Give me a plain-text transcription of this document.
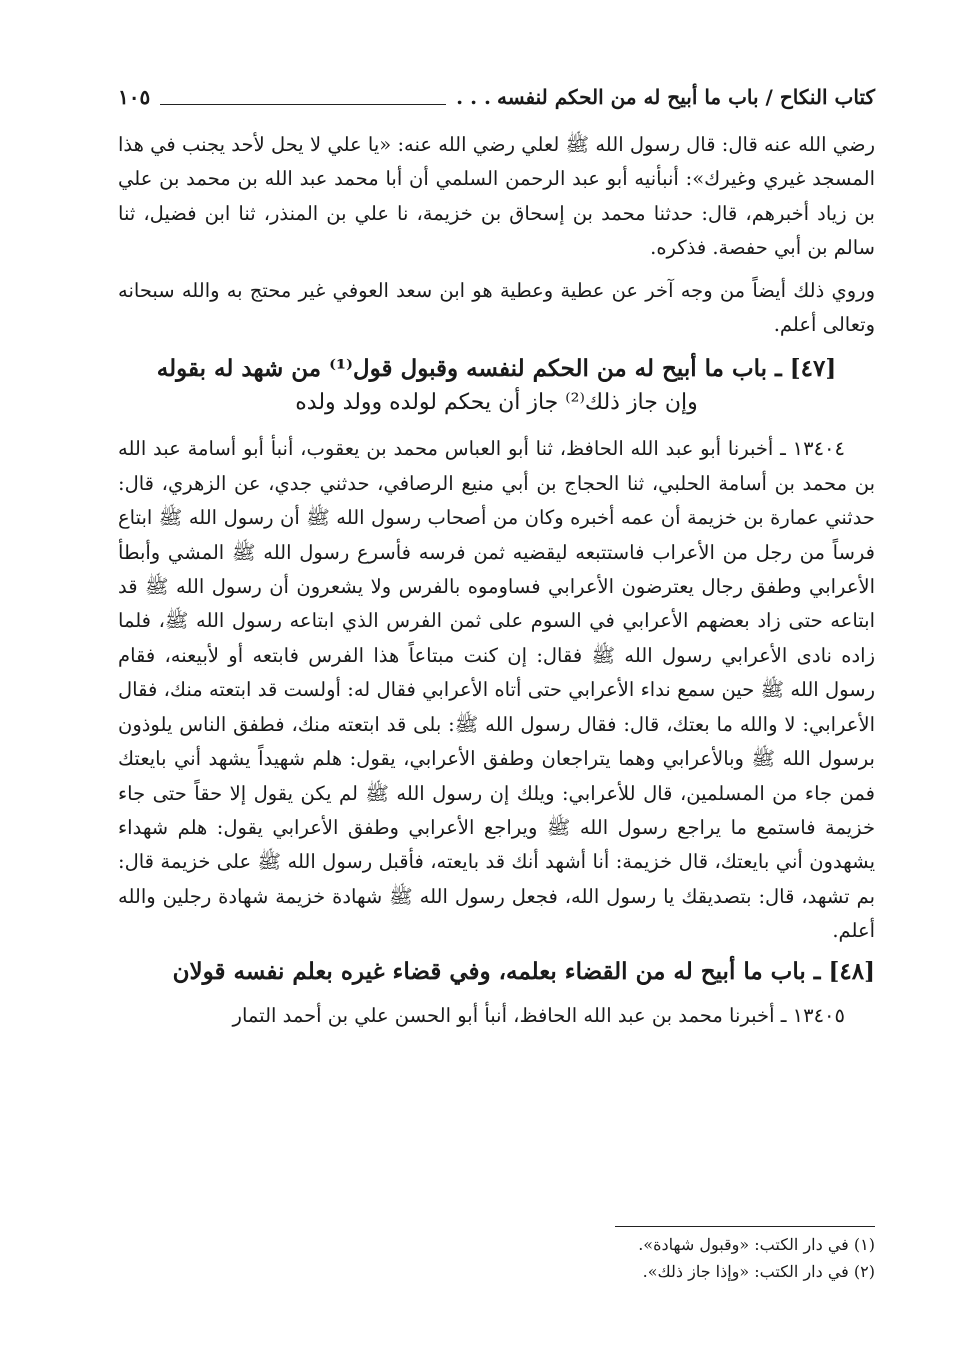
كتاب النكاح / باب ما أبيح له من الحكم لنفسه
. . .
١٠٥

رضي الله عنه قال: قال رسول الله ﷺ لعلي رضي الله عنه: «يا علي لا يحل لأحد يجنب في هذا المسجد غيري وغيرك»: أنبأنيه أبو عبد الرحمن السلمي أن أبا محمد عبد الله بن محمد بن علي بن زياد أخبرهم، قال: حدثنا محمد بن إسحاق بن خزيمة، نا علي بن المنذر، ثنا ابن فضيل، ثنا سالم بن أبي حفصة. فذكره.

وروي ذلك أيضاً من وجه آخر عن عطية وعطية هو ابن سعد العوفي غير محتج به والله سبحانه وتعالى أعلم.

[٤٧] ـ باب ما أبيح له من الحكم لنفسه وقبول قول⁽¹⁾ من شهد له بقوله
وإن جاز ذلك⁽²⁾ جاز أن يحكم لولده وولد ولده

١٣٤٠٤ ـ أخبرنا أبو عبد الله الحافظ، ثنا أبو العباس محمد بن يعقوب، أنبأ أبو أسامة عبد الله بن محمد بن أسامة الحلبي، ثنا الحجاج بن أبي منيع الرصافي، حدثني جدي، عن الزهري، قال: حدثني عمارة بن خزيمة أن عمه أخبره وكان من أصحاب رسول الله ﷺ أن رسول الله ﷺ ابتاع فرساً من رجل من الأعراب فاستتبعه ليقضيه ثمن فرسه فأسرع رسول الله ﷺ المشي وأبطأ الأعرابي وطفق رجال يعترضون الأعرابي فساوموه بالفرس ولا يشعرون أن رسول الله ﷺ قد ابتاعه حتى زاد بعضهم الأعرابي في السوم على ثمن الفرس الذي ابتاعه رسول الله ﷺ، فلما زاده نادى الأعرابي رسول الله ﷺ فقال: إن كنت مبتاعاً هذا الفرس فابتعه أو لأبيعنه، فقام رسول الله ﷺ حين سمع نداء الأعرابي حتى أتاه الأعرابي فقال له: أولست قد ابتعته منك، فقال الأعرابي: لا والله ما بعتك، قال: فقال رسول الله ﷺ: بلى قد ابتعته منك، فطفق الناس يلوذون برسول الله ﷺ وبالأعرابي وهما يتراجعان وطفق الأعرابي، يقول: هلم شهيداً يشهد أني بايعتك فمن جاء من المسلمين، قال للأعرابي: ويلك إن رسول الله ﷺ لم يكن يقول إلا حقاً حتى جاء خزيمة فاستمع ما يراجع رسول الله ﷺ ويراجع الأعرابي وطفق الأعرابي يقول: هلم شهداء يشهدون أني بايعتك، قال خزيمة: أنا أشهد أنك قد بايعته، فأقبل رسول الله ﷺ على خزيمة قال: بم تشهد، قال: بتصديقك يا رسول الله، فجعل رسول الله ﷺ شهادة خزيمة شهادة رجلين والله أعلم.

[٤٨] ـ باب ما أبيح له من القضاء بعلمه، وفي قضاء غيره بعلم نفسه قولان

١٣٤٠٥ ـ أخبرنا محمد بن عبد الله الحافظ، أنبأ أبو الحسن علي بن أحمد التمار

(١) في دار الكتب: «وقبول شهادة».

(٢) في دار الكتب: «وإذا جاز ذلك».
